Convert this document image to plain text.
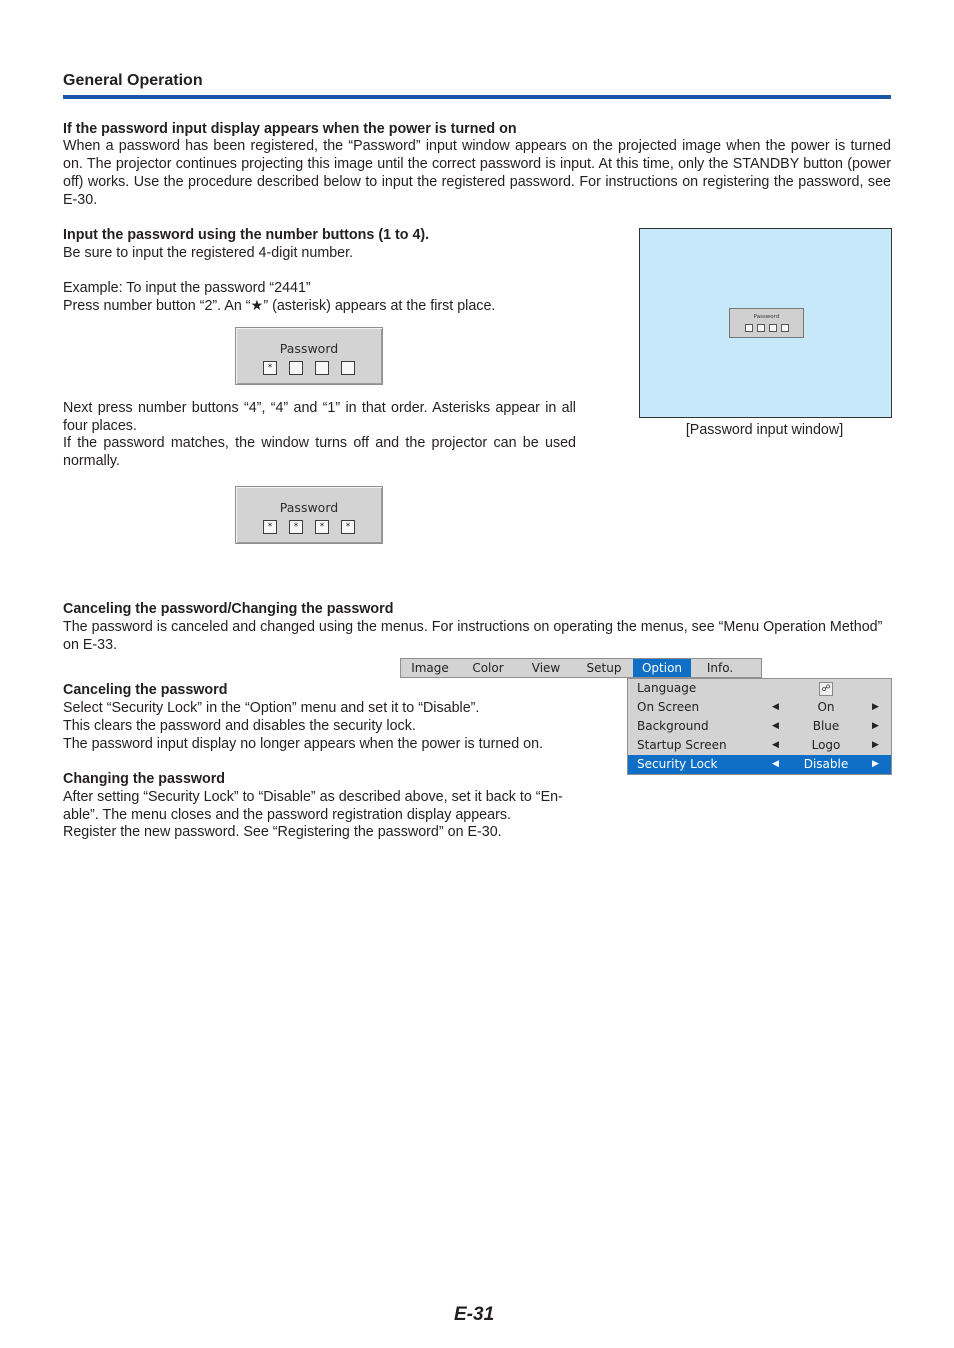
General Operation
If the password input display appears when the power is turned on

When a password has been registered, the “Password” input window appears on the projected image when the power is turned on. The projector continues projecting this image until the correct password is input. At this time, only the STANDBY button (power off) works. Use the procedure described below to input the registered password. For instructions on registering the password, see E-30.

Input the password using the number buttons (1 to 4).
Be sure to input the registered 4-digit number.
Example: To input the password “2441”
Press number button “2”. An “★” (asterisk) appears at the first place.
Password
*

Next press number buttons “4”, “4” and “1” in that order. Asterisks appear in all four places.

If the password matches, the window turns off and the projector can be used normally.

Password
*	*	*	*
Password
[Password input window]
Canceling the password/Changing the password

The password is canceled and changed using the menus. For instructions on operating the menus, see “Menu Operation Method” on E-33.

Image	Color	View	Setup	Option	Info.
Language	☍
On Screen	◀	On	▶
Background	◀	Blue	▶
Startup Screen	◀	Logo	▶
Security Lock	◀	Disable	▶
Canceling the password
Select “Security Lock” in the “Option” menu and set it to “Disable”.
This clears the password and disables the security lock.
The password input display no longer appears when the power is turned on.
Changing the password
After setting “Security Lock” to “Disable” as described above, set it back to “En-
able”. The menu closes and the password registration display appears.
Register the new password. See “Registering the password” on E-30.
E-31
